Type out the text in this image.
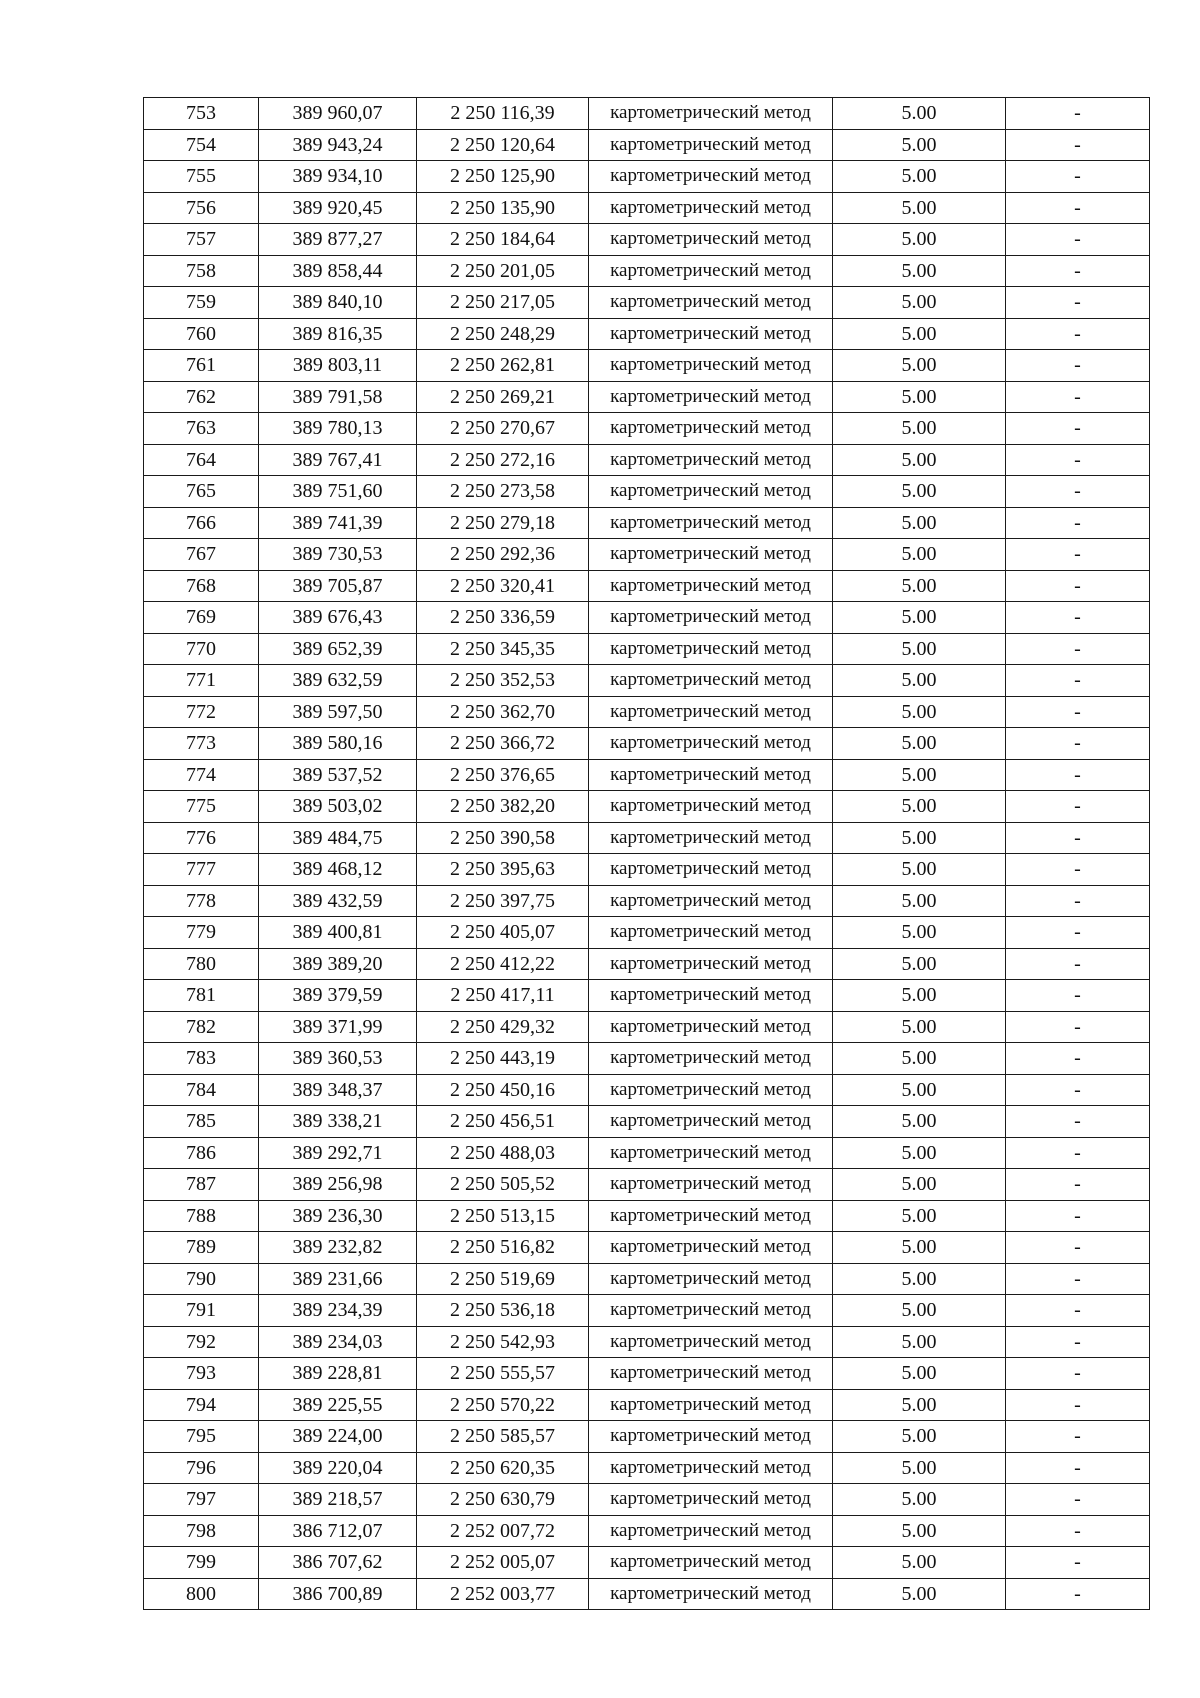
753	389 960,07	2 250 116,39	картометрический метод	5.00	-
754	389 943,24	2 250 120,64	картометрический метод	5.00	-
755	389 934,10	2 250 125,90	картометрический метод	5.00	-
756	389 920,45	2 250 135,90	картометрический метод	5.00	-
757	389 877,27	2 250 184,64	картометрический метод	5.00	-
758	389 858,44	2 250 201,05	картометрический метод	5.00	-
759	389 840,10	2 250 217,05	картометрический метод	5.00	-
760	389 816,35	2 250 248,29	картометрический метод	5.00	-
761	389 803,11	2 250 262,81	картометрический метод	5.00	-
762	389 791,58	2 250 269,21	картометрический метод	5.00	-
763	389 780,13	2 250 270,67	картометрический метод	5.00	-
764	389 767,41	2 250 272,16	картометрический метод	5.00	-
765	389 751,60	2 250 273,58	картометрический метод	5.00	-
766	389 741,39	2 250 279,18	картометрический метод	5.00	-
767	389 730,53	2 250 292,36	картометрический метод	5.00	-
768	389 705,87	2 250 320,41	картометрический метод	5.00	-
769	389 676,43	2 250 336,59	картометрический метод	5.00	-
770	389 652,39	2 250 345,35	картометрический метод	5.00	-
771	389 632,59	2 250 352,53	картометрический метод	5.00	-
772	389 597,50	2 250 362,70	картометрический метод	5.00	-
773	389 580,16	2 250 366,72	картометрический метод	5.00	-
774	389 537,52	2 250 376,65	картометрический метод	5.00	-
775	389 503,02	2 250 382,20	картометрический метод	5.00	-
776	389 484,75	2 250 390,58	картометрический метод	5.00	-
777	389 468,12	2 250 395,63	картометрический метод	5.00	-
778	389 432,59	2 250 397,75	картометрический метод	5.00	-
779	389 400,81	2 250 405,07	картометрический метод	5.00	-
780	389 389,20	2 250 412,22	картометрический метод	5.00	-
781	389 379,59	2 250 417,11	картометрический метод	5.00	-
782	389 371,99	2 250 429,32	картометрический метод	5.00	-
783	389 360,53	2 250 443,19	картометрический метод	5.00	-
784	389 348,37	2 250 450,16	картометрический метод	5.00	-
785	389 338,21	2 250 456,51	картометрический метод	5.00	-
786	389 292,71	2 250 488,03	картометрический метод	5.00	-
787	389 256,98	2 250 505,52	картометрический метод	5.00	-
788	389 236,30	2 250 513,15	картометрический метод	5.00	-
789	389 232,82	2 250 516,82	картометрический метод	5.00	-
790	389 231,66	2 250 519,69	картометрический метод	5.00	-
791	389 234,39	2 250 536,18	картометрический метод	5.00	-
792	389 234,03	2 250 542,93	картометрический метод	5.00	-
793	389 228,81	2 250 555,57	картометрический метод	5.00	-
794	389 225,55	2 250 570,22	картометрический метод	5.00	-
795	389 224,00	2 250 585,57	картометрический метод	5.00	-
796	389 220,04	2 250 620,35	картометрический метод	5.00	-
797	389 218,57	2 250 630,79	картометрический метод	5.00	-
798	386 712,07	2 252 007,72	картометрический метод	5.00	-
799	386 707,62	2 252 005,07	картометрический метод	5.00	-
800	386 700,89	2 252 003,77	картометрический метод	5.00	-
